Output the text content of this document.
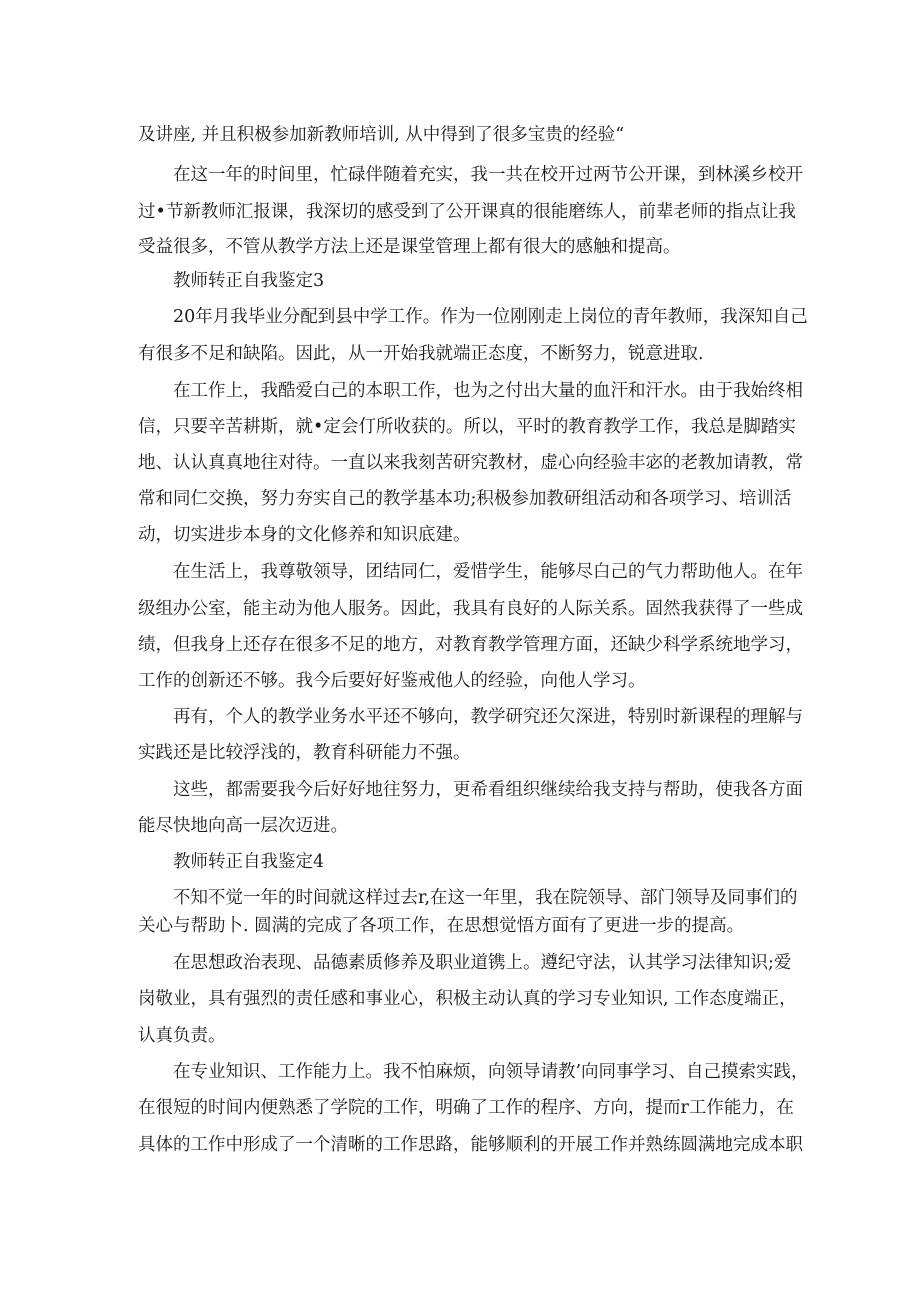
及讲座, 并且积极参加新教师培训, 从中得到了很多宝贵的经验“
在这一年的时间里，忙碌伴随着充实，我一共在校开过两节公开课，到林溪乡校开
过•节新教师汇报课，我深切的感受到了公开课真的很能磨练人，前辈老师的指点让我
受益很多，不管从教学方法上还是课堂管理上都有很大的感触和提高。
教师转正自我鉴定3
20年月我毕业分配到县中学工作。作为一位刚刚走上岗位的青年教师，我深知自己
有很多不足和缺陷。因此，从一开始我就端正态度，不断努力，锐意进取.
在工作上，我酷爱白己的本职工作，也为之付出大量的血汗和汗水。由于我始终相
信，只要辛苦耕斯，就•定会仃所收获的。所以，平时的教育教学工作，我总是脚踏实
地、认认真真地往对待。一直以来我刻苦研究教材，虚心向经验丰宓的老教加请教，常
常和同仁交换，努力夯实自己的教学基本功;积极参加教研组活动和各项学习、培训活
动，切实进步本身的文化修养和知识底建。
在生活上，我尊敬领导，团结同仁，爱惜学生，能够尽白己的气力帮助他人。在年
级组办公室，能主动为他人服务。因此，我具有良好的人际关系。固然我获得了一些成
绩，但我身上还存在很多不足的地方，对教育教学管理方面，还缺少科学系统地学习，
工作的创新还不够。我今后要好好鉴戒他人的经验，向他人学习。
再有，个人的教学业务水平还不够向，教学研究还欠深进，特别时新课程的理解与
实践还是比较浮浅的，教育科研能力不强。
这些，都需要我今后好好地往努力，更希看组织继续给我支持与帮助，使我各方面
能尽快地向高一层次迈进。
教师转正自我鉴定4
不知不觉一年的时间就这样过去r,在这一年里，我在院领导、部门领导及同事们的
关心与帮助卜. 圆满的完成了各项工作，在思想觉悟方面有了更进一步的提高。
在思想政治表现、品德素质修养及职业道镌上。遵纪守法，认其学习法律知识;爱
岗敬业，具有强烈的责任感和事业心，积极主动认真的学习专业知识, 工作态度端正，
认真负责。
在专业知识、工作能力上。我不怕麻烦，向领导请教’向同事学习、自己摸索实践，
在很短的时间内便熟悉了学院的工作，明确了工作的程序、方向，提而r工作能力，在
具体的工作中形成了一个清晰的工作思路，能够顺利的开展工作并熟练圆满地完成本职
